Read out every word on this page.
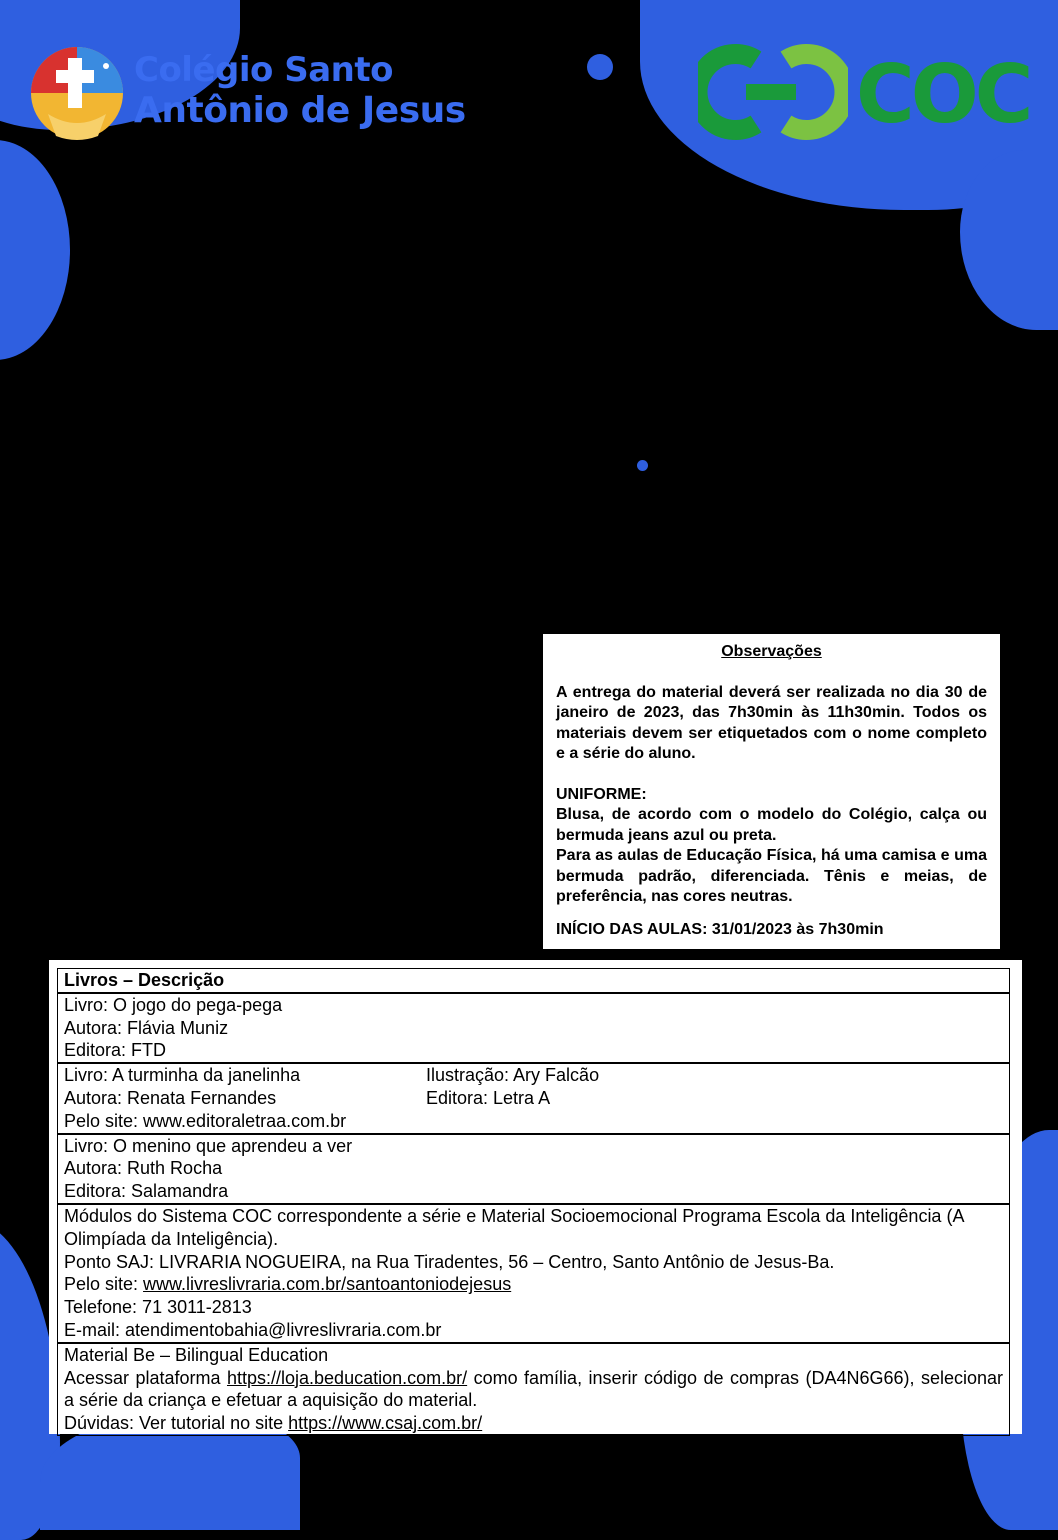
Colégio Santo
Antônio de Jesus	COC
Observações

A entrega do material deverá ser realizada no dia 30 de janeiro de 2023, das 7h30min às 11h30min. Todos os materiais devem ser etiquetados com o nome completo e a série do aluno.

UNIFORME:

Blusa, de acordo com o modelo do Colégio, calça ou bermuda jeans azul ou preta.

Para as aulas de Educação Física, há uma camisa e uma bermuda padrão, diferenciada. Tênis e meias, de preferência, nas cores neutras.

INÍCIO DAS AULAS: 31/01/2023 às 7h30min

Livros – Descrição

Livro: O jogo do pega-pega
Autora: Flávia Muniz
Editora: FTD

Livro: A turminha da janelinha	Ilustração: Ary Falcão
Autora: Renata Fernandes	Editora: Letra A
Pelo site: www.editoraletraa.com.br

Livro: O menino que aprendeu a ver
Autora: Ruth Rocha
Editora: Salamandra

Módulos do Sistema COC correspondente a série e Material Socioemocional Programa Escola da Inteligência (A Olimpíada da Inteligência).
Ponto SAJ: LIVRARIA NOGUEIRA, na Rua Tiradentes, 56 – Centro, Santo Antônio de Jesus-Ba.
Pelo site: www.livreslivraria.com.br/santoantoniodejesus
Telefone: 71 3011-2813
E-mail: atendimentobahia@livreslivraria.com.br

Material Be – Bilingual Education
Acessar plataforma https://loja.beducation.com.br/ como família, inserir código de compras (DA4N6G66), selecionar a série da criança e efetuar a aquisição do material.
Dúvidas: Ver tutorial no site https://www.csaj.com.br/
